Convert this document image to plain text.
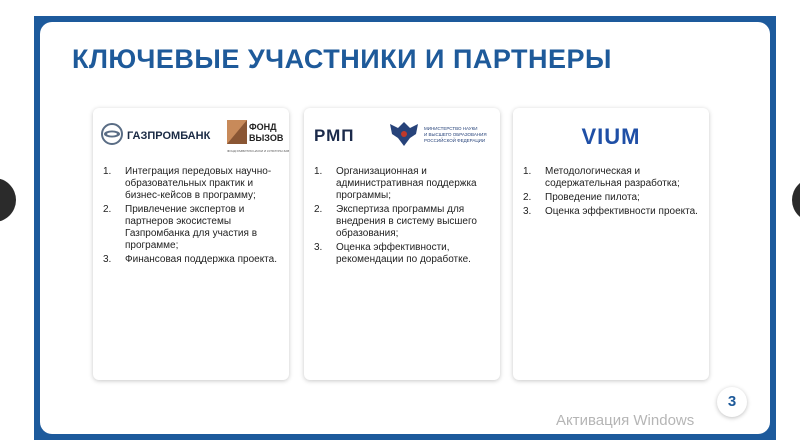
КЛЮЧЕВЫЕ УЧАСТНИКИ И ПАРТНЕРЫ
ГАЗПРОМБАНК
ФОНД
ВЫЗОВ
ФОНД РАЗВИТИЯ НАУКИ И КУЛЬТУРЫ ЗАВОДА
1.	Интеграция передовых научно-образовательных практик и бизнес-кейсов в программу;
2.	Привлечение экспертов и партнеров экосистемы Газпромбанка для участия в программе;
3.	Финансовая поддержка проекта.
РМП	МИНИСТЕРСТВО НАУКИ
И ВЫСШЕГО ОБРАЗОВАНИЯ
РОССИЙСКОЙ ФЕДЕРАЦИИ
1.	Организационная и административная поддержка программы;
2.	Экспертиза программы для внедрения в систему высшего образования;
3.	Оценка эффективности, рекомендации по доработке.
VIUM
1.	Методологическая и содержательная разработка;
2.	Проведение пилота;
3.	Оценка эффективности проекта.
3
Активация Windows
